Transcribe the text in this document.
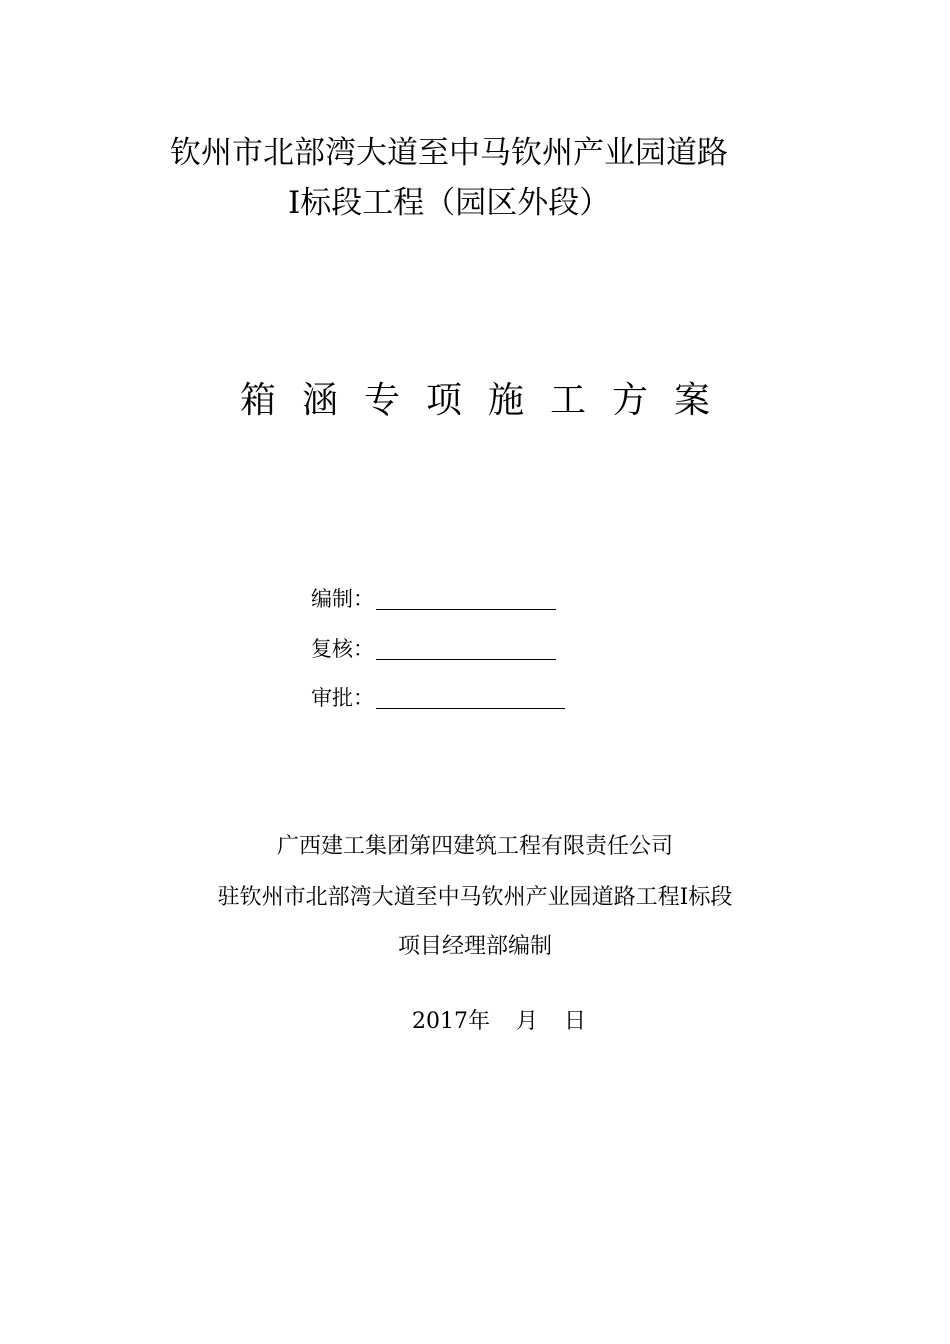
钦州市北部湾大道至中马钦州产业园道路
Ⅰ标段工程（园区外段）
箱涵专项施工方案
编制：
复核：
审批：
广西建工集团第四建筑工程有限责任公司
驻钦州市北部湾大道至中马钦州产业园道路工程Ⅰ标段
项目经理部编制
2017年 月 日
